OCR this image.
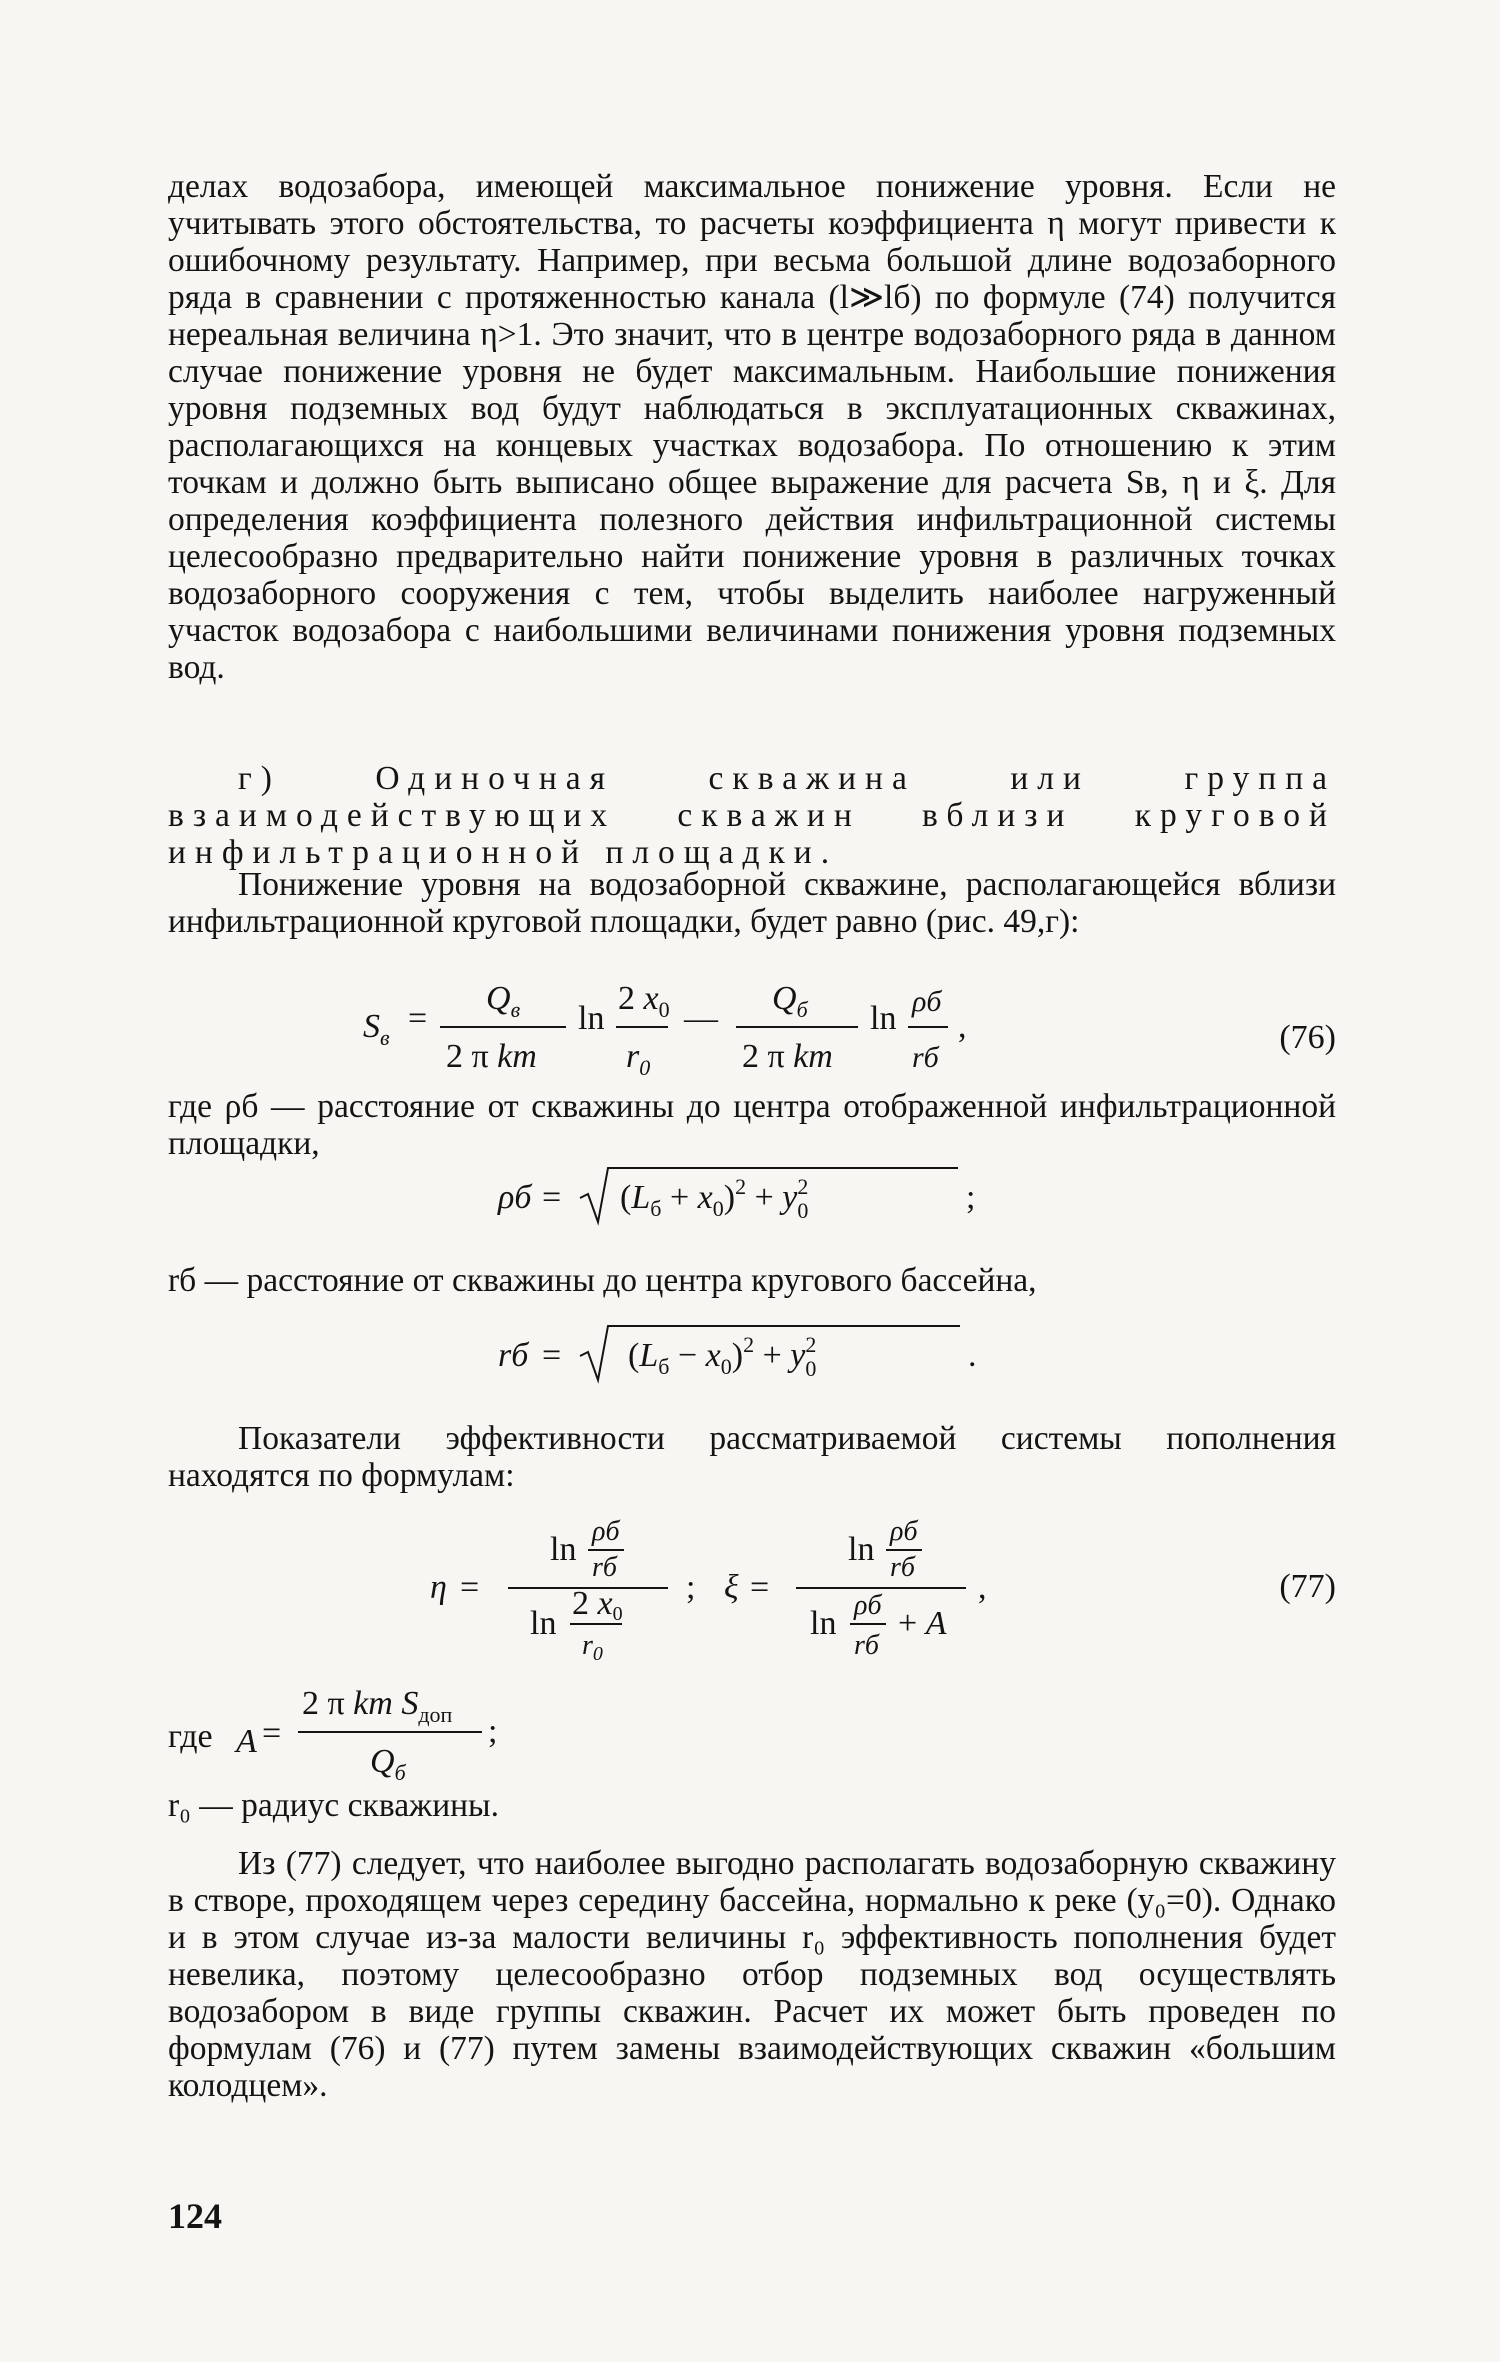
делах водозабора, имеющей максимальное понижение уровня. Если не учитывать этого обстоятельства, то расчеты коэффициента η могут привести к ошибочному результату. Например, при весьма большой длине водозаборного ряда в сравнении с протяженностью канала (l≫lб) по формуле (74) получится нереальная величина η>1. Это значит, что в центре водозаборного ряда в данном случае понижение уровня не будет максимальным. Наибольшие понижения уровня подземных вод будут наблюдаться в эксплуатационных скважинах, располагающихся на концевых участках водозабора. По отношению к этим точкам и должно быть выписано общее выражение для расчета Sв, η и ξ. Для определения коэффициента полезного действия инфильтрационной системы целесообразно предварительно найти понижение уровня в различных точках водозаборного сооружения с тем, чтобы выделить наиболее нагруженный участок водозабора с наибольшими величинами понижения уровня подземных вод.

г) Одиночная скважина или группа взаимодействующих скважин вблизи круговой инфильтрационной площадки.

Понижение уровня на водозаборной скважине, располагающейся вблизи инфильтрационной круговой площадки, будет равно (рис. 49,г):

$S_в$
=
$Q_в$
2 π km
ln
2 $x_0$
$r_0$
—
$Q_б$
2 π km
ln ρб
rб
,	(76)

где ρб — расстояние от скважины до центра отображенной инфильтрационной площадки,

$\rho б = (L_б + x_0)^2 + y^2$ 0	;

rб — расстояние от скважины до центра кругового бассейна,

rб = $(L_б - x_0)^2 + y^2$ 0	.

Показатели эффективности рассматриваемой системы пополнения находятся по формулам:

η =
ln ρб
rб
ln
2 x0
$r_0$
; ξ =
ln ρб
rб
ln ρб
rб
+ A
,	(77)
где A =
2 π km $S_{доп}$
$Q_б$
;

r₀ — радиус скважины.

Из (77) следует, что наиболее выгодно располагать водозаборную скважину в створе, проходящем через середину бассейна, нормально к реке (y₀=0). Однако и в этом случае из-за малости величины r₀ эффективность пополнения будет невелика, поэтому целесообразно отбор подземных вод осуществлять водозабором в виде группы скважин. Расчет их может быть проведен по формулам (76) и (77) путем замены взаимодействующих скважин «большим колодцем».

124
